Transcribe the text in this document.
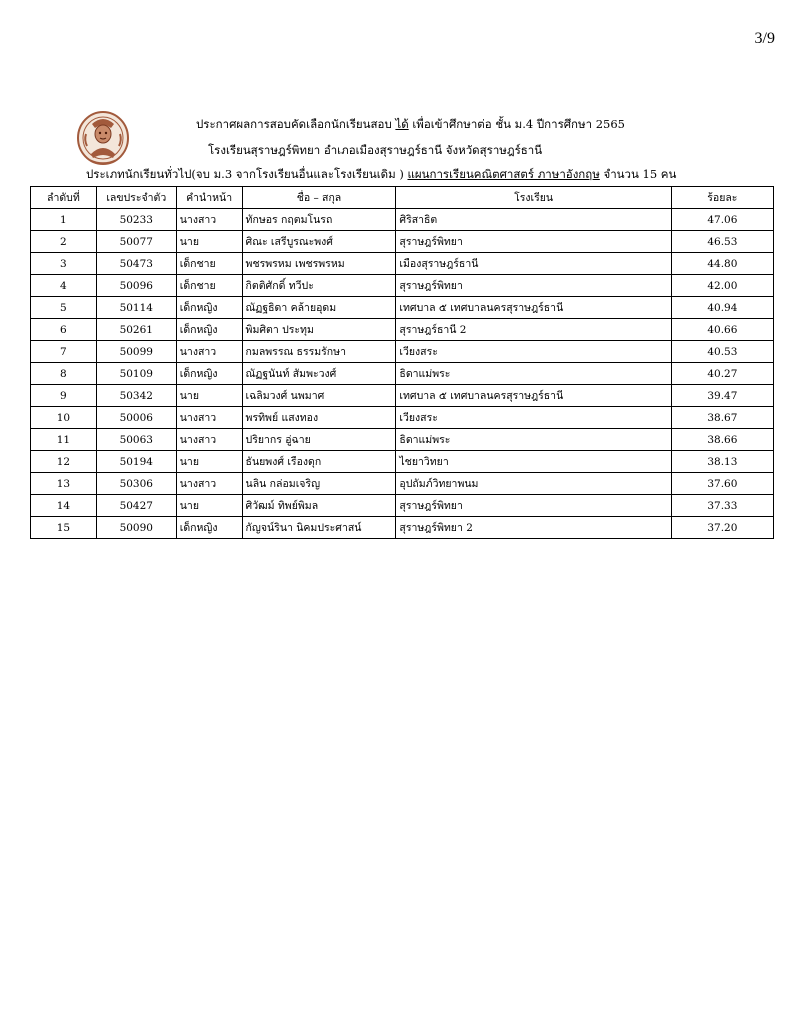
3/9
ประกาศผลการสอบคัดเลือกนักเรียนสอบ ได้ เพื่อเข้าศึกษาต่อ ชั้น ม.4 ปีการศึกษา 2565
โรงเรียนสุราษฎร์พิทยา อำเภอเมืองสุราษฎร์ธานี จังหวัดสุราษฎร์ธานี
ประเภทนักเรียนทั่วไป(จบ ม.3 จากโรงเรียนอื่นและโรงเรียนเดิม ) แผนการเรียนคณิตศาสตร์ ภาษาอังกฤษ จำนวน 15 คน
ลำดับที่	เลขประจำตัว	คำนำหน้า	ชื่อ – สกุล	โรงเรียน	ร้อยละ
1	50233	นางสาว	ทักษอร กฤตมโนรถ	ศิริสาธิต	47.06
2	50077	นาย	ศิณะ เสรีบูรณะพงศ์	สุราษฎร์พิทยา	46.53
3	50473	เด็กชาย	พชรพรหม เพชรพรหม	เมืองสุราษฎร์ธานี	44.80
4	50096	เด็กชาย	กิตติศักดิ์ ทวีปะ	สุราษฎร์พิทยา	42.00
5	50114	เด็กหญิง	ณัฏฐธิดา คล้ายอุดม	เทศบาล ๕ เทศบาลนครสุราษฎร์ธานี	40.94
6	50261	เด็กหญิง	พิมศิตา ประทุม	สุราษฎร์ธานี 2	40.66
7	50099	นางสาว	กมลพรรณ ธรรมรักษา	เวียงสระ	40.53
8	50109	เด็กหญิง	ณัฏฐนันท์ สัมพะวงศ์	ธิดาแม่พระ	40.27
9	50342	นาย	เฉลิมวงศ์ นพมาศ	เทศบาล ๕ เทศบาลนครสุราษฎร์ธานี	39.47
10	50006	นางสาว	พรทิพย์ แสงทอง	เวียงสระ	38.67
11	50063	นางสาว	ปริยากร อู่ฉาย	ธิดาแม่พระ	38.66
12	50194	นาย	ธันยพงศ์ เรืองดุก	ไชยาวิทยา	38.13
13	50306	นางสาว	นลิน กล่อมเจริญ	อุปถัมภ์วิทยาพนม	37.60
14	50427	นาย	ศิวัฒม์ ทิพย์พิมล	สุราษฎร์พิทยา	37.33
15	50090	เด็กหญิง	กัญจน์รินา นิคมประศาสน์	สุราษฎร์พิทยา 2	37.20
